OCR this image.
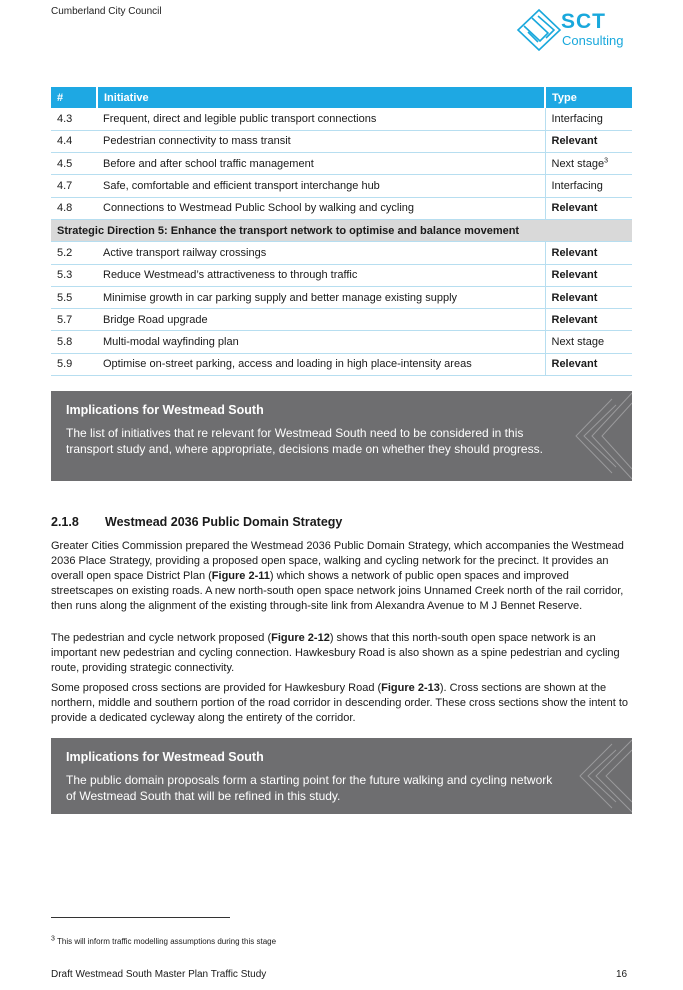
Cumberland City Council	SCT
Consulting
#	Initiative	Type
4.3	Frequent, direct and legible public transport connections	Interfacing
4.4	Pedestrian connectivity to mass transit	Relevant
4.5	Before and after school traffic management	Next stage$^3$
4.7	Safe, comfortable and efficient transport interchange hub	Interfacing
4.8	Connections to Westmead Public School by walking and cycling	Relevant
Strategic Direction 5: Enhance the transport network to optimise and balance movement		
5.2	Active transport railway crossings	Relevant
5.3	Reduce Westmead’s attractiveness to through traffic	Relevant
5.5	Minimise growth in car parking supply and better manage existing supply	Relevant
5.7	Bridge Road upgrade	Relevant
5.8	Multi-modal wayfinding plan	Next stage
5.9	Optimise on-street parking, access and loading in high place-intensity areas	Relevant
Implications for Westmead South
The list of initiatives that re relevant for Westmead South need to be considered in this transport study and, where appropriate, decisions made on whether they should progress.
2.1.8 Westmead 2036 Public Domain Strategy
Greater Cities Commission prepared the Westmead 2036 Public Domain Strategy, which accompanies the Westmead 2036 Place Strategy, providing a proposed open space, walking and cycling network for the precinct. It provides an overall open space District Plan (Figure 2-11) which shows a network of public open spaces and improved streetscapes on existing roads. A new north-south open space network joins Unnamed Creek north of the rail corridor, then runs along the alignment of the existing through-site link from Alexandra Avenue to M J Bennet Reserve.
The pedestrian and cycle network proposed (Figure 2-12) shows that this north-south open space network is an important new pedestrian and cycling connection. Hawkesbury Road is also shown as a spine pedestrian and cycling route, providing strategic connectivity.
Some proposed cross sections are provided for Hawkesbury Road (Figure 2-13). Cross sections are shown at the northern, middle and southern portion of the road corridor in descending order. These cross sections show the intent to provide a dedicated cycleway along the entirety of the corridor.
Implications for Westmead South
The public domain proposals form a starting point for the future walking and cycling network of Westmead South that will be refined in this study.
$^3$ This will inform traffic modelling assumptions during this stage
Draft Westmead South Master Plan Traffic Study	16
